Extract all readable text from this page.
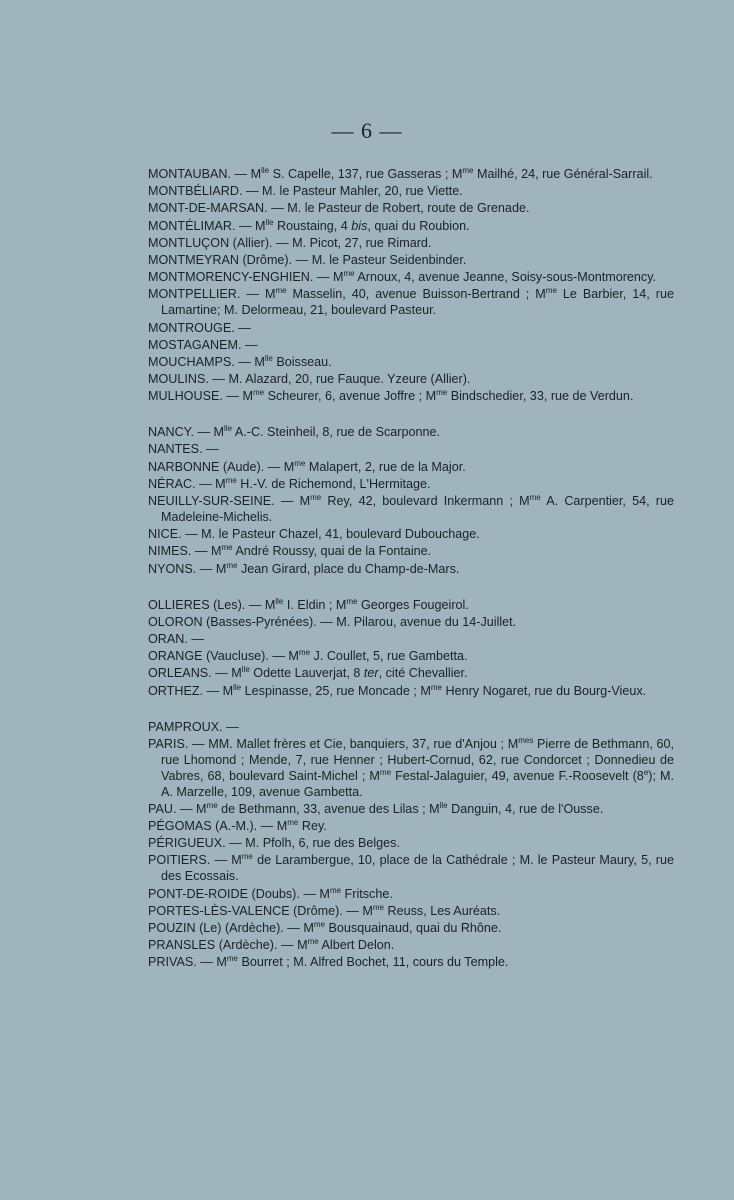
— 6 —
MONTAUBAN. — $M^{lle}$ S. Capelle, 137, rue Gasseras ; $M^{me}$ Mailhé, 24, rue Général-Sarrail.
MONTBÉLIARD. — M. le Pasteur Mahler, 20, rue Viette.
MONT-DE-MARSAN. — M. le Pasteur de Robert, route de Grenade.
MONTÉLIMAR. — $M^{lle}$ Roustaing, 4 bis, quai du Roubion.
MONTLUÇON (Allier). — M. Picot, 27, rue Rimard.
MONTMEYRAN (Drôme). — M. le Pasteur Seidenbinder.
MONTMORENCY-ENGHIEN. — $M^{me}$ Arnoux, 4, avenue Jeanne, Soisy-sous-Montmorency.
MONTPELLIER. — $M^{me}$ Masselin, 40, avenue Buisson-Bertrand ; $M^{me}$ Le Barbier, 14, rue Lamartine; M. Delormeau, 21, boulevard Pasteur.
MONTROUGE. —
MOSTAGANEM. —
MOUCHAMPS. — $M^{lle}$ Boisseau.
MOULINS. — M. Alazard, 20, rue Fauque. Yzeure (Allier).
MULHOUSE. — $M^{me}$ Scheurer, 6, avenue Joffre ; $M^{me}$ Bindschedier, 33, rue de Verdun.
NANCY. — $M^{lle}$ A.-C. Steinheil, 8, rue de Scarponne.
NANTES. —
NARBONNE (Aude). — $M^{me}$ Malapert, 2, rue de la Major.
NÉRAC. — $M^{me}$ H.-V. de Richemond, L'Hermitage.
NEUILLY-SUR-SEINE. — $M^{me}$ Rey, 42, boulevard Inkermann ; $M^{me}$ A. Carpentier, 54, rue Madeleine-Michelis.
NICE. — M. le Pasteur Chazel, 41, boulevard Dubouchage.
NIMES. — $M^{me}$ André Roussy, quai de la Fontaine.
NYONS. — $M^{me}$ Jean Girard, place du Champ-de-Mars.
OLLIERES (Les). — $M^{lle}$ I. Eldin ; $M^{me}$ Georges Fougeirol.
OLORON (Basses-Pyrénées). — M. Pilarou, avenue du 14-Juillet.
ORAN. —
ORANGE (Vaucluse). — $M^{me}$ J. Coullet, 5, rue Gambetta.
ORLEANS. — $M^{lle}$ Odette Lauverjat, 8 ter, cité Chevallier.
ORTHEZ. — $M^{lle}$ Lespinasse, 25, rue Moncade ; $M^{me}$ Henry Nogaret, rue du Bourg-Vieux.
PAMPROUX. —
PARIS. — MM. Mallet frères et Cie, banquiers, 37, rue d'Anjou ; $M^{mes}$ Pierre de Bethmann, 60, rue Lhomond ; Mende, 7, rue Henner ; Hubert-Cornud, 62, rue Condorcet ; Donnedieu de Vabres, 68, boulevard Saint-Michel ; $M^{me}$ Festal-Jalaguier, 49, avenue F.-Roosevelt (8e); M. A. Marzelle, 109, avenue Gambetta.
PAU. — $M^{me}$ de Bethmann, 33, avenue des Lilas ; $M^{lle}$ Danguin, 4, rue de l'Ousse.
PÉGOMAS (A.-M.). — $M^{me}$ Rey.
PÉRIGUEUX. — M. Pfolh, 6, rue des Belges.
POITIERS. — $M^{me}$ de Larambergue, 10, place de la Cathédrale ; M. le Pasteur Maury, 5, rue des Ecossais.
PONT-DE-ROIDE (Doubs). — $M^{me}$ Fritsche.
PORTES-LÈS-VALENCE (Drôme). — $M^{me}$ Reuss, Les Auréats.
POUZIN (Le) (Ardèche). — $M^{me}$ Bousquainaud, quai du Rhône.
PRANSLES (Ardèche). — $M^{me}$ Albert Delon.
PRIVAS. — $M^{me}$ Bourret ; M. Alfred Bochet, 11, cours du Temple.
